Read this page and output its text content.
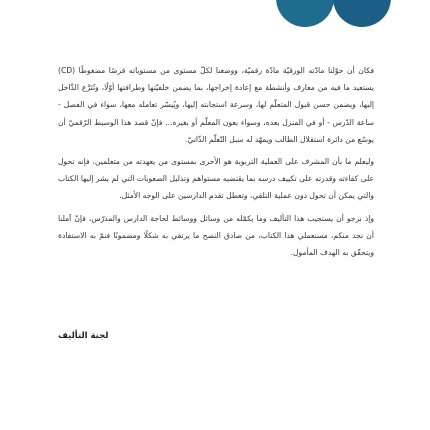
فكان أن حوّلنا مادّته الورقيّة مادّة رقميّة، ووضعنا لكلّ مستوى من مستوياته قرصًا مضغوطًا (CD) يستعيد ما فيه من معارف وأنشطة مع إعادة إخراجها، بما يضمن خلفيّتها وطرافتها أوّلًا، وتُتَرَّع الدَّاخل إليها، ويضمن حسن قبول المتعلّم لها، وسرعة استجابته إليها، ويُيسّر تعامله معها، سواء في الفصل - ساعة الدّرس - أو في المنزل بعده، وسواء بعون المعلّم أو بغيره... فإنّ قصد هذا الوسيط الرّقميّ أن يوسّع من دائرة استقلال الطالب ويمهّد له سبل التّعلّم الذّاتيّ.

وليعلم ما بأن المشرف على العملية التربوية هو الأحرى بمستوى من يعهدته من متعلمين، فإنه تحول على كفاءته وقدرته على تكييف درسه بما يقتضيه مستواهم وتذليل الصعوبات التي لم يشر إليها الكتاب والتي يمكن أن تحول دون عملية التلقي، وتعطل تقدم الدارسين على الوجه الأمثل.

وإذ نرجو أن يستجيب هذا التأليف وما يكمّله من وسائل ووسائط لحاجة الدارس والمدرّس، فإنّ آملنا أن نجد منكم، مستعملي هذا الكتاب، من صادق النصح ما يرتقي به شكلًا ومضمونًا فنمّ به الاستفادة ويتحقّق به الهدف المأمول.

لجنة التأليف
